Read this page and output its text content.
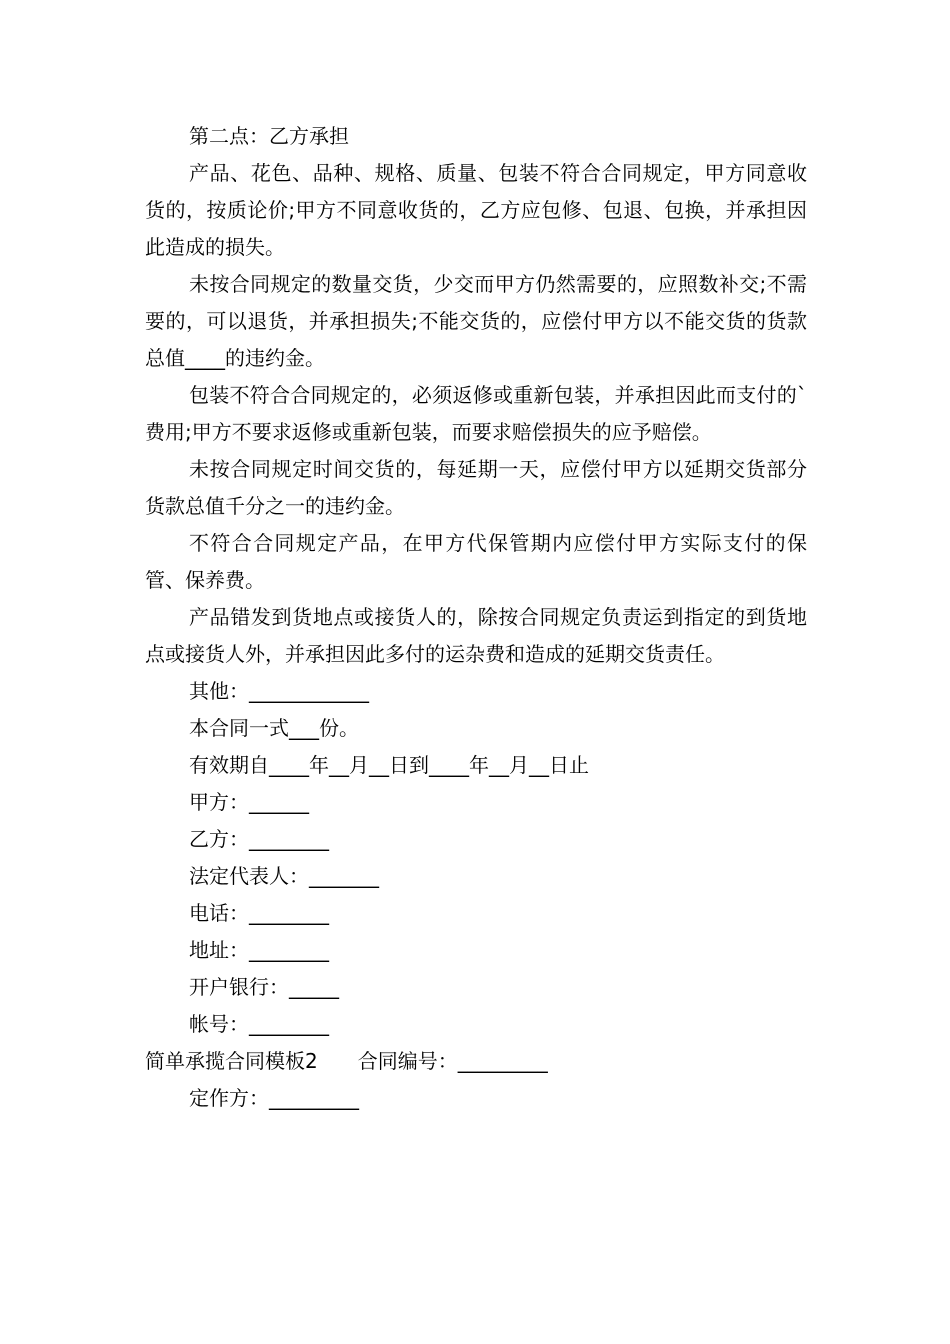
第二点：乙方承担

产品、花色、品种、规格、质量、包装不符合合同规定，甲方同意收货的，按质论价;甲方不同意收货的，乙方应包修、包退、包换，并承担因此造成的损失。

未按合同规定的数量交货，少交而甲方仍然需要的，应照数补交;不需要的，可以退货，并承担损失;不能交货的，应偿付甲方以不能交货的货款总值____的违约金。

包装不符合合同规定的，必须返修或重新包装，并承担因此而支付的`费用;甲方不要求返修或重新包装，而要求赔偿损失的应予赔偿。

未按合同规定时间交货的，每延期一天，应偿付甲方以延期交货部分货款总值千分之一的违约金。

不符合合同规定产品，在甲方代保管期内应偿付甲方实际支付的保管、保养费。

产品错发到货地点或接货人的，除按合同规定负责运到指定的到货地点或接货人外，并承担因此多付的运杂费和造成的延期交货责任。

其他：____________

本合同一式___份。

有效期自____年__月__日到____年__月__日止

甲方：______

乙方：________

法定代表人：_______

电话：________

地址：________

开户银行：_____

帐号：________

简单承揽合同模板2　　合同编号：_________

定作方：_________
